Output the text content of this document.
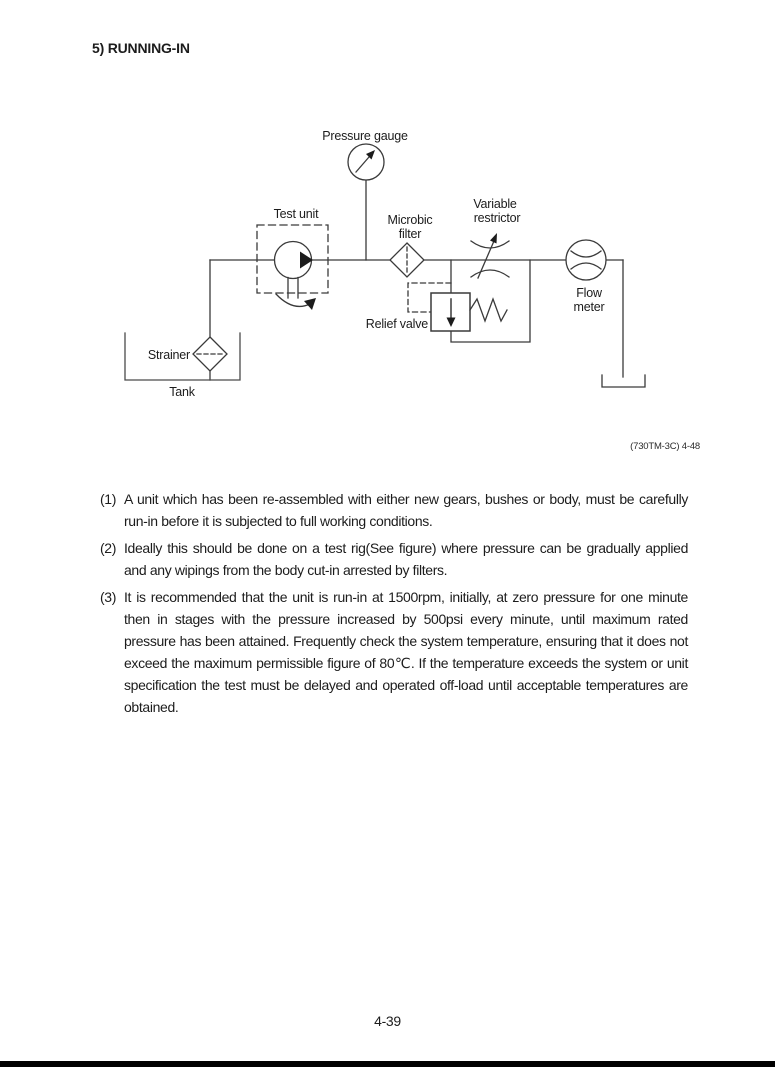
5) RUNNING-IN
Pressure gauge
Test unit	Microbic
filter
Variable
restrictor
Relief valve
Flow
meter
Strainer
Tank
(730TM-3C) 4-48

(1) A unit which has been re-assembled with either new gears, bushes or body, must be carefully run-in before it is subjected to full working conditions.

(2) Ideally this should be done on a test rig(See figure) where pressure can be gradually applied and any wipings from the body cut-in arrested by filters.

(3) It is recommended that the unit is run-in at 1500rpm, initially, at zero pressure for one minute then in stages with the pressure increased by 500psi every minute, until maximum rated pressure has been attained. Frequently check the system temperature, ensuring that it does not exceed the maximum permissible figure of 80℃. If the temperature exceeds the system or unit specification the test must be delayed and operated off-load until acceptable temperatures are obtained.

4-39
